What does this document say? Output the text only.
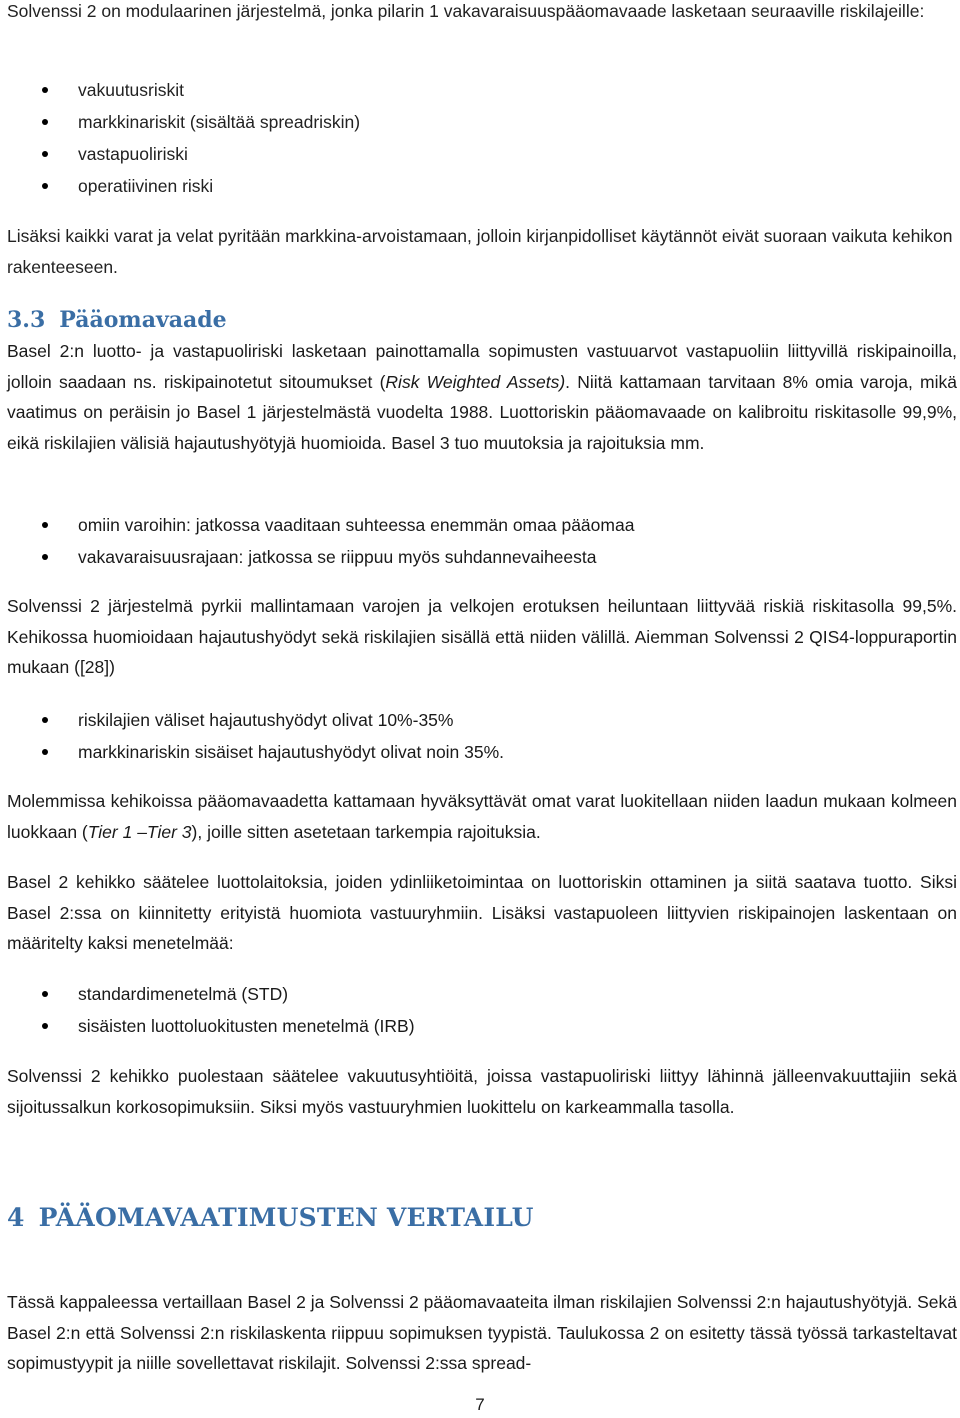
Solvenssi 2 on modulaarinen järjestelmä, jonka pilarin 1 vakavaraisuuspääomavaade lasketaan seuraaville riskilajeille:

vakuutusriskit
markkinariskit (sisältää spreadriskin)
vastapuoliriski
operatiivinen riski

Lisäksi kaikki varat ja velat pyritään markkina-arvoistamaan, jolloin kirjanpidolliset käytännöt eivät suoraan vaikuta kehikon rakenteeseen.

3.3 Pääomavaade

Basel 2:n luotto- ja vastapuoliriski lasketaan painottamalla sopimusten vastuuarvot vastapuoliin liittyvillä riskipainoilla, jolloin saadaan ns. riskipainotetut sitoumukset (Risk Weighted Assets). Niitä kattamaan tarvitaan 8% omia varoja, mikä vaatimus on peräisin jo Basel 1 järjestelmästä vuodelta 1988. Luottoriskin pääomavaade on kalibroitu riskitasolle 99,9%, eikä riskilajien välisiä hajautushyötyjä huomioida. Basel 3 tuo muutoksia ja rajoituksia mm.

omiin varoihin: jatkossa vaaditaan suhteessa enemmän omaa pääomaa
vakavaraisuusrajaan: jatkossa se riippuu myös suhdannevaiheesta

Solvenssi 2 järjestelmä pyrkii mallintamaan varojen ja velkojen erotuksen heiluntaan liittyvää riskiä riskitasolla 99,5%. Kehikossa huomioidaan hajautushyödyt sekä riskilajien sisällä että niiden välillä. Aiemman Solvenssi 2 QIS4-loppuraportin mukaan ([28])

riskilajien väliset hajautushyödyt olivat 10%-35%
markkinariskin sisäiset hajautushyödyt olivat noin 35%.

Molemmissa kehikoissa pääomavaadetta kattamaan hyväksyttävät omat varat luokitellaan niiden laadun mukaan kolmeen luokkaan (Tier 1 –Tier 3), joille sitten asetetaan tarkempia rajoituksia.

Basel 2 kehikko säätelee luottolaitoksia, joiden ydinliiketoimintaa on luottoriskin ottaminen ja siitä saatava tuotto. Siksi Basel 2:ssa on kiinnitetty erityistä huomiota vastuuryhmiin. Lisäksi vastapuoleen liittyvien riskipainojen laskentaan on määritelty kaksi menetelmää:

standardimenetelmä (STD)
sisäisten luottoluokitusten menetelmä (IRB)

Solvenssi 2 kehikko puolestaan säätelee vakuutusyhtiöitä, joissa vastapuoliriski liittyy lähinnä jälleenvakuuttajiin sekä sijoitussalkun korkosopimuksiin. Siksi myös vastuuryhmien luokittelu on karkeammalla tasolla.

4 PÄÄOMAVAATIMUSTEN VERTAILU

Tässä kappaleessa vertaillaan Basel 2 ja Solvenssi 2 pääomavaateita ilman riskilajien Solvenssi 2:n hajautushyötyjä. Sekä Basel 2:n että Solvenssi 2:n riskilaskenta riippuu sopimuksen tyypistä. Taulukossa 2 on esitetty tässä työssä tarkasteltavat sopimustyypit ja niille sovellettavat riskilajit. Solvenssi 2:ssa spread-

7
